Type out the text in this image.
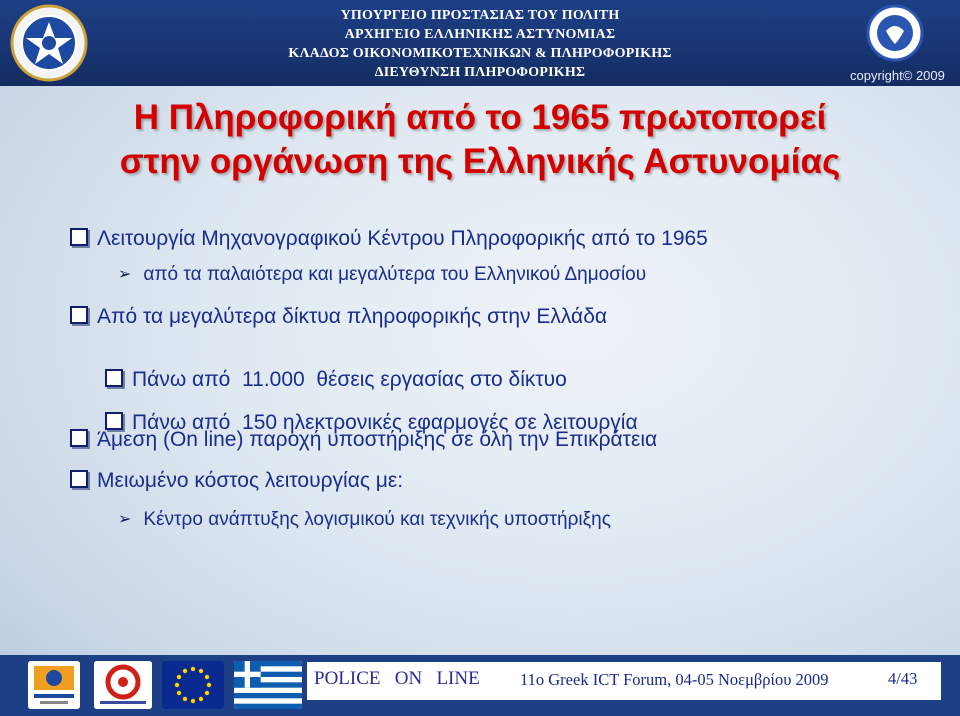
ΥΠΟΥΡΓΕΙΟ ΠΡΟΣΤΑΣΙΑΣ ΤΟΥ ΠΟΛΙΤΗ
ΑΡΧΗΓΕΙΟ ΕΛΛΗΝΙΚΗΣ ΑΣΤΥΝΟΜΙΑΣ
ΚΛΑΔΟΣ ΟΙΚΟΝΟΜΙΚΟΤΕΧΝΙΚΩΝ & ΠΛΗΡΟΦΟΡΙΚΗΣ
ΔΙΕΥΘΥΝΣΗ ΠΛΗΡΟΦΟΡΙΚΗΣ	copyright© 2009
Η Πληροφορική από το 1965 πρωτοπορεί
στην οργάνωση της Ελληνικής Αστυνομίας
Λειτουργία Μηχανογραφικού Κέντρου Πληροφορικής από το 1965
➢ από τα παλαιότερα και μεγαλύτερα του Ελληνικού Δημοσίου
Από τα μεγαλύτερα δίκτυα πληροφορικής στην Ελλάδα

Πάνω από  11.000  θέσεις εργασίας στο δίκτυο

Πάνω από  150 ηλεκτρονικές εφαρμογές σε λειτουργία

Άμεση (On line) παροχή υποστήριξης σε όλη την Επικράτεια
Μειωμένο κόστος λειτουργίας με:
➢ Κέντρο ανάπτυξης λογισμικού και τεχνικής υποστήριξης
POLICE   ON   LINE 11ο Greek ICT Forum, 04-05 Νοεμβρίου 2009	4/43
